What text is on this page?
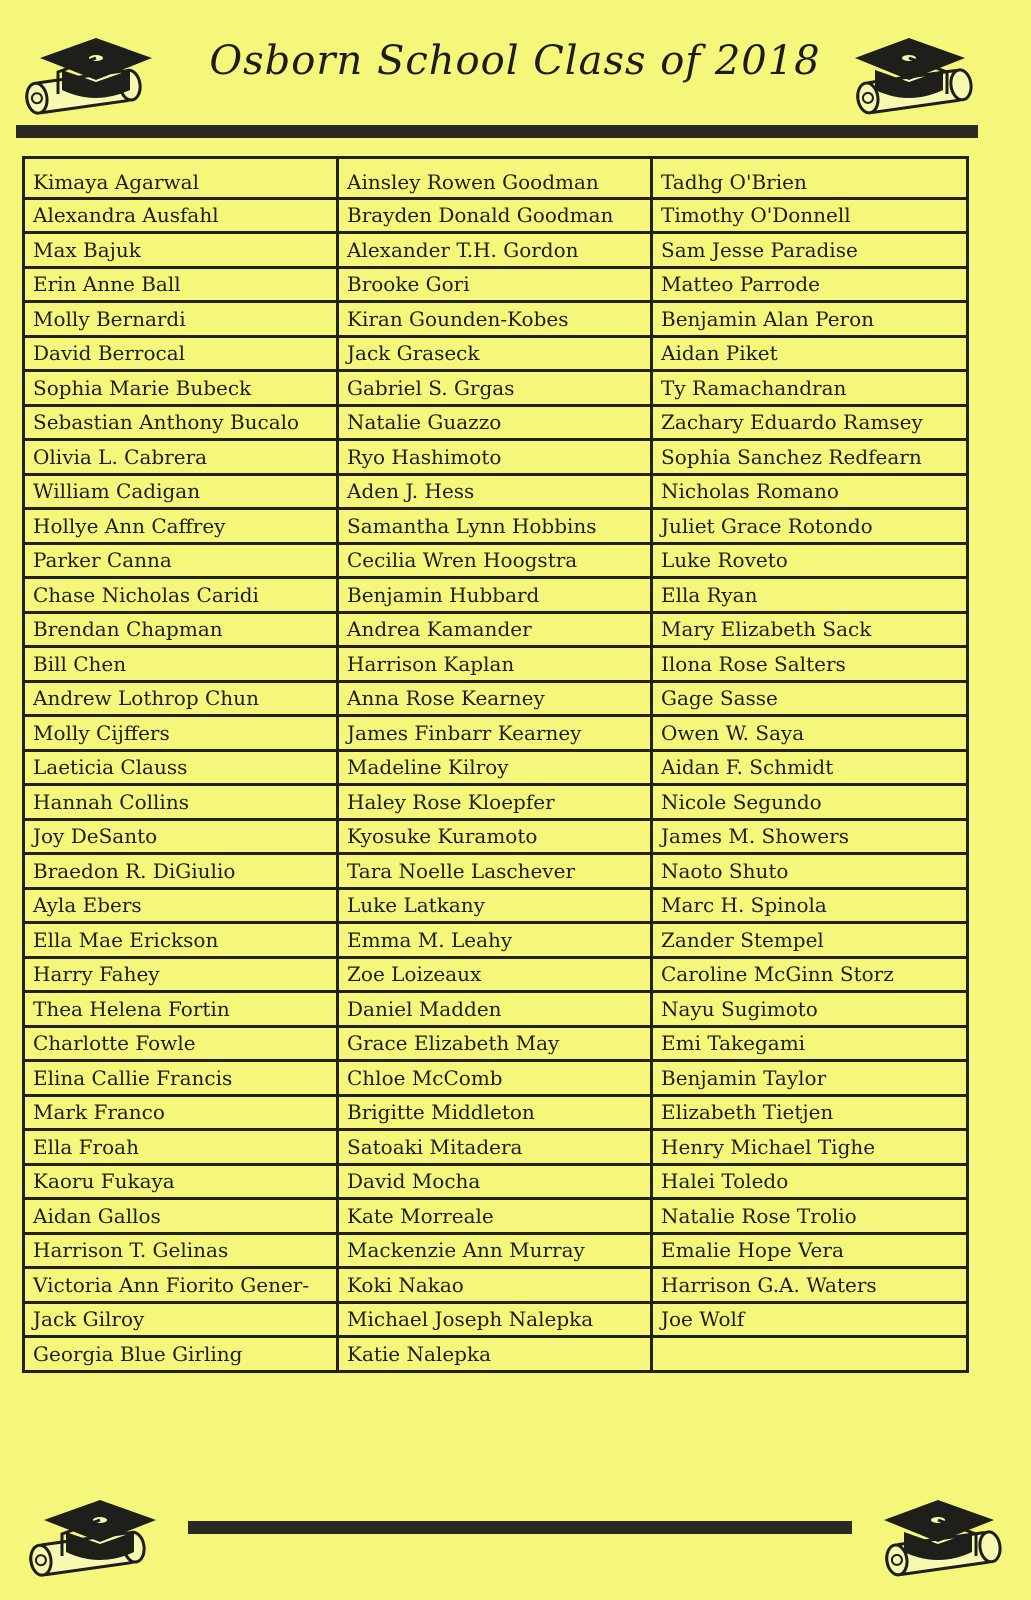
Osborn School Class of 2018
Kimaya Agarwal	Ainsley Rowen Goodman	Tadhg O'Brien
Alexandra Ausfahl	Brayden Donald Goodman	Timothy O'Donnell
Max Bajuk	Alexander T.H. Gordon	Sam Jesse Paradise
Erin Anne Ball	Brooke Gori	Matteo Parrode
Molly Bernardi	Kiran Gounden-Kobes	Benjamin Alan Peron
David Berrocal	Jack Graseck	Aidan Piket
Sophia Marie Bubeck	Gabriel S. Grgas	Ty Ramachandran
Sebastian Anthony Bucalo	Natalie Guazzo	Zachary Eduardo Ramsey
Olivia L. Cabrera	Ryo Hashimoto	Sophia Sanchez Redfearn
William Cadigan	Aden J. Hess	Nicholas Romano
Hollye Ann Caffrey	Samantha Lynn Hobbins	Juliet Grace Rotondo
Parker Canna	Cecilia Wren Hoogstra	Luke Roveto
Chase Nicholas Caridi	Benjamin Hubbard	Ella Ryan
Brendan Chapman	Andrea Kamander	Mary Elizabeth Sack
Bill Chen	Harrison Kaplan	Ilona Rose Salters
Andrew Lothrop Chun	Anna Rose Kearney	Gage Sasse
Molly Cijffers	James Finbarr Kearney	Owen W. Saya
Laeticia Clauss	Madeline Kilroy	Aidan F. Schmidt
Hannah Collins	Haley Rose Kloepfer	Nicole Segundo
Joy DeSanto	Kyosuke Kuramoto	James M. Showers
Braedon R. DiGiulio	Tara Noelle Laschever	Naoto Shuto
Ayla Ebers	Luke Latkany	Marc H. Spinola
Ella Mae Erickson	Emma M. Leahy	Zander Stempel
Harry Fahey	Zoe Loizeaux	Caroline McGinn Storz
Thea Helena Fortin	Daniel Madden	Nayu Sugimoto
Charlotte Fowle	Grace Elizabeth May	Emi Takegami
Elina Callie Francis	Chloe McComb	Benjamin Taylor
Mark Franco	Brigitte Middleton	Elizabeth Tietjen
Ella Froah	Satoaki Mitadera	Henry Michael Tighe
Kaoru Fukaya	David Mocha	Halei Toledo
Aidan Gallos	Kate Morreale	Natalie Rose Trolio
Harrison T. Gelinas	Mackenzie Ann Murray	Emalie Hope Vera
Victoria Ann Fiorito Gener-	Koki Nakao	Harrison G.A. Waters
Jack Gilroy	Michael Joseph Nalepka	Joe Wolf
Georgia Blue Girling	Katie Nalepka	
